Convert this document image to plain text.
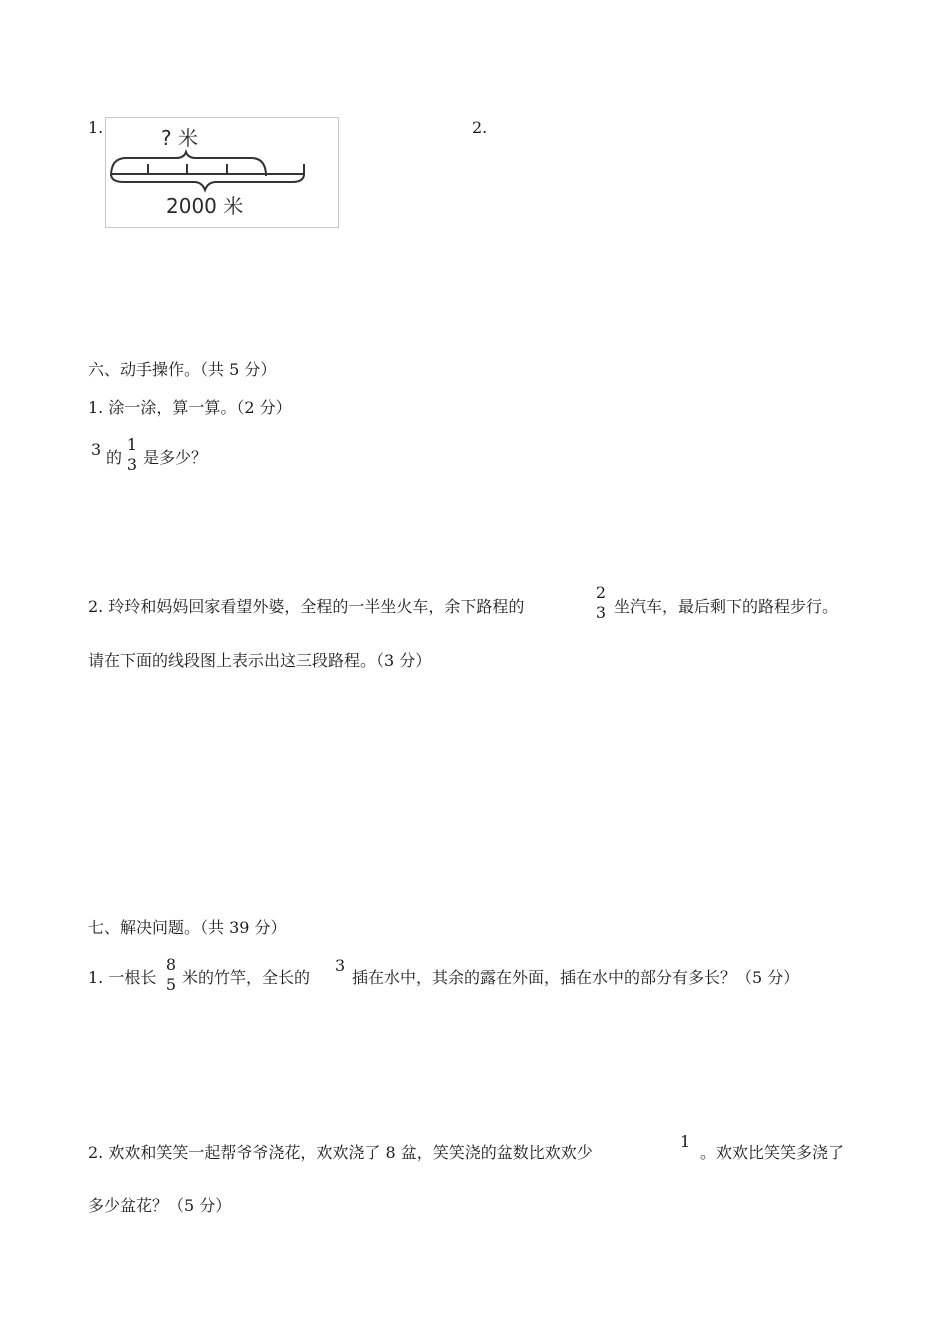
1.	2.
? 米
2000 米
六、动手操作。（共 5 分）
1. 涂一涂，算一算。（2 分）
3 的
1
3 是多少？
2. 玲玲和妈妈回家看望外婆，全程的一半坐火车，余下路程的
2
3 坐汽车，最后剩下的路程步行。
请在下面的线段图上表示出这三段路程。（3 分）
七、解决问题。（共 39 分）
1. 一根长
8
5 米的竹竿，全长的
3
插在水中，其余的露在外面，插在水中的部分有多长？（5 分）
2. 欢欢和笑笑一起帮爷爷浇花，欢欢浇了 8 盆，笑笑浇的盆数比欢欢少
1
。欢欢比笑笑多浇了
多少盆花？（5 分）
